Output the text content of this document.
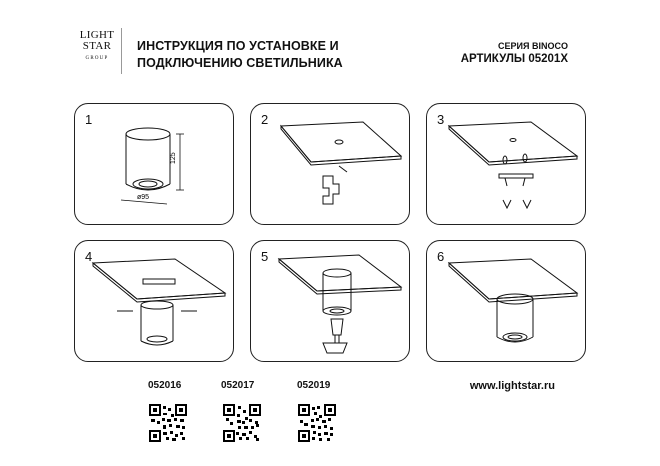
LIGHT
STAR
GROUP
ИНСТРУКЦИЯ ПО УСТАНОВКЕ И
ПОДКЛЮЧЕНИЮ СВЕТИЛЬНИКА
СЕРИЯ BINOCO
АРТИКУЛЫ 05201X
1
125
ø95
2	3
4	5	6
052016	052017	052019	www.lightstar.ru
